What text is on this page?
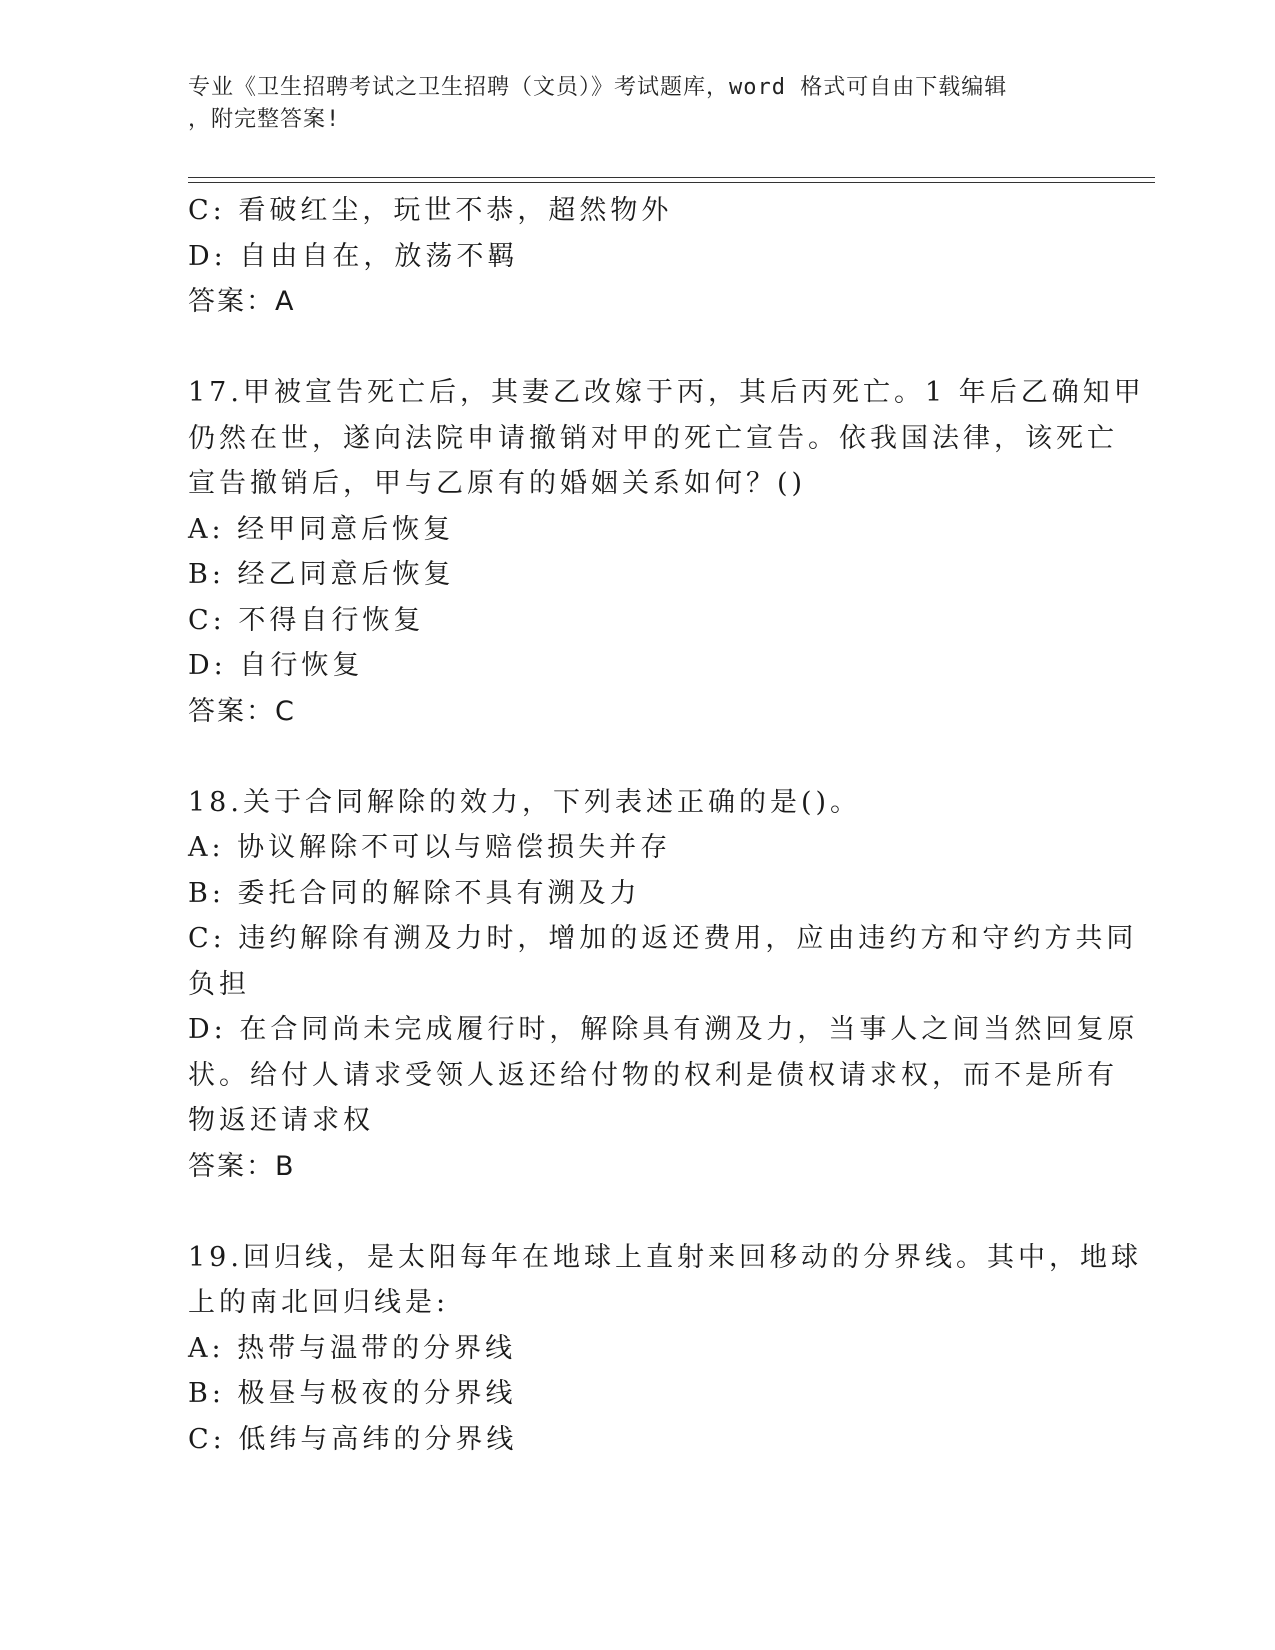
专业《卫生招聘考试之卫生招聘（文员）》考试题库，word 格式可自由下载编辑
，附完整答案!
C: 看破红尘，玩世不恭，超然物外
D: 自由自在，放荡不羁
答案：A
17.甲被宣告死亡后，其妻乙改嫁于丙，其后丙死亡。1 年后乙确知甲
仍然在世，遂向法院申请撤销对甲的死亡宣告。依我国法律，该死亡
宣告撤销后，甲与乙原有的婚姻关系如何？()
A: 经甲同意后恢复
B: 经乙同意后恢复
C: 不得自行恢复
D: 自行恢复
答案：C
18.关于合同解除的效力，下列表述正确的是()。
A: 协议解除不可以与赔偿损失并存
B: 委托合同的解除不具有溯及力
C: 违约解除有溯及力时，增加的返还费用，应由违约方和守约方共同
负担
D: 在合同尚未完成履行时，解除具有溯及力，当事人之间当然回复原
状。给付人请求受领人返还给付物的权利是债权请求权，而不是所有
物返还请求权
答案：B
19.回归线，是太阳每年在地球上直射来回移动的分界线。其中，地球
上的南北回归线是:
A: 热带与温带的分界线
B: 极昼与极夜的分界线
C: 低纬与高纬的分界线
